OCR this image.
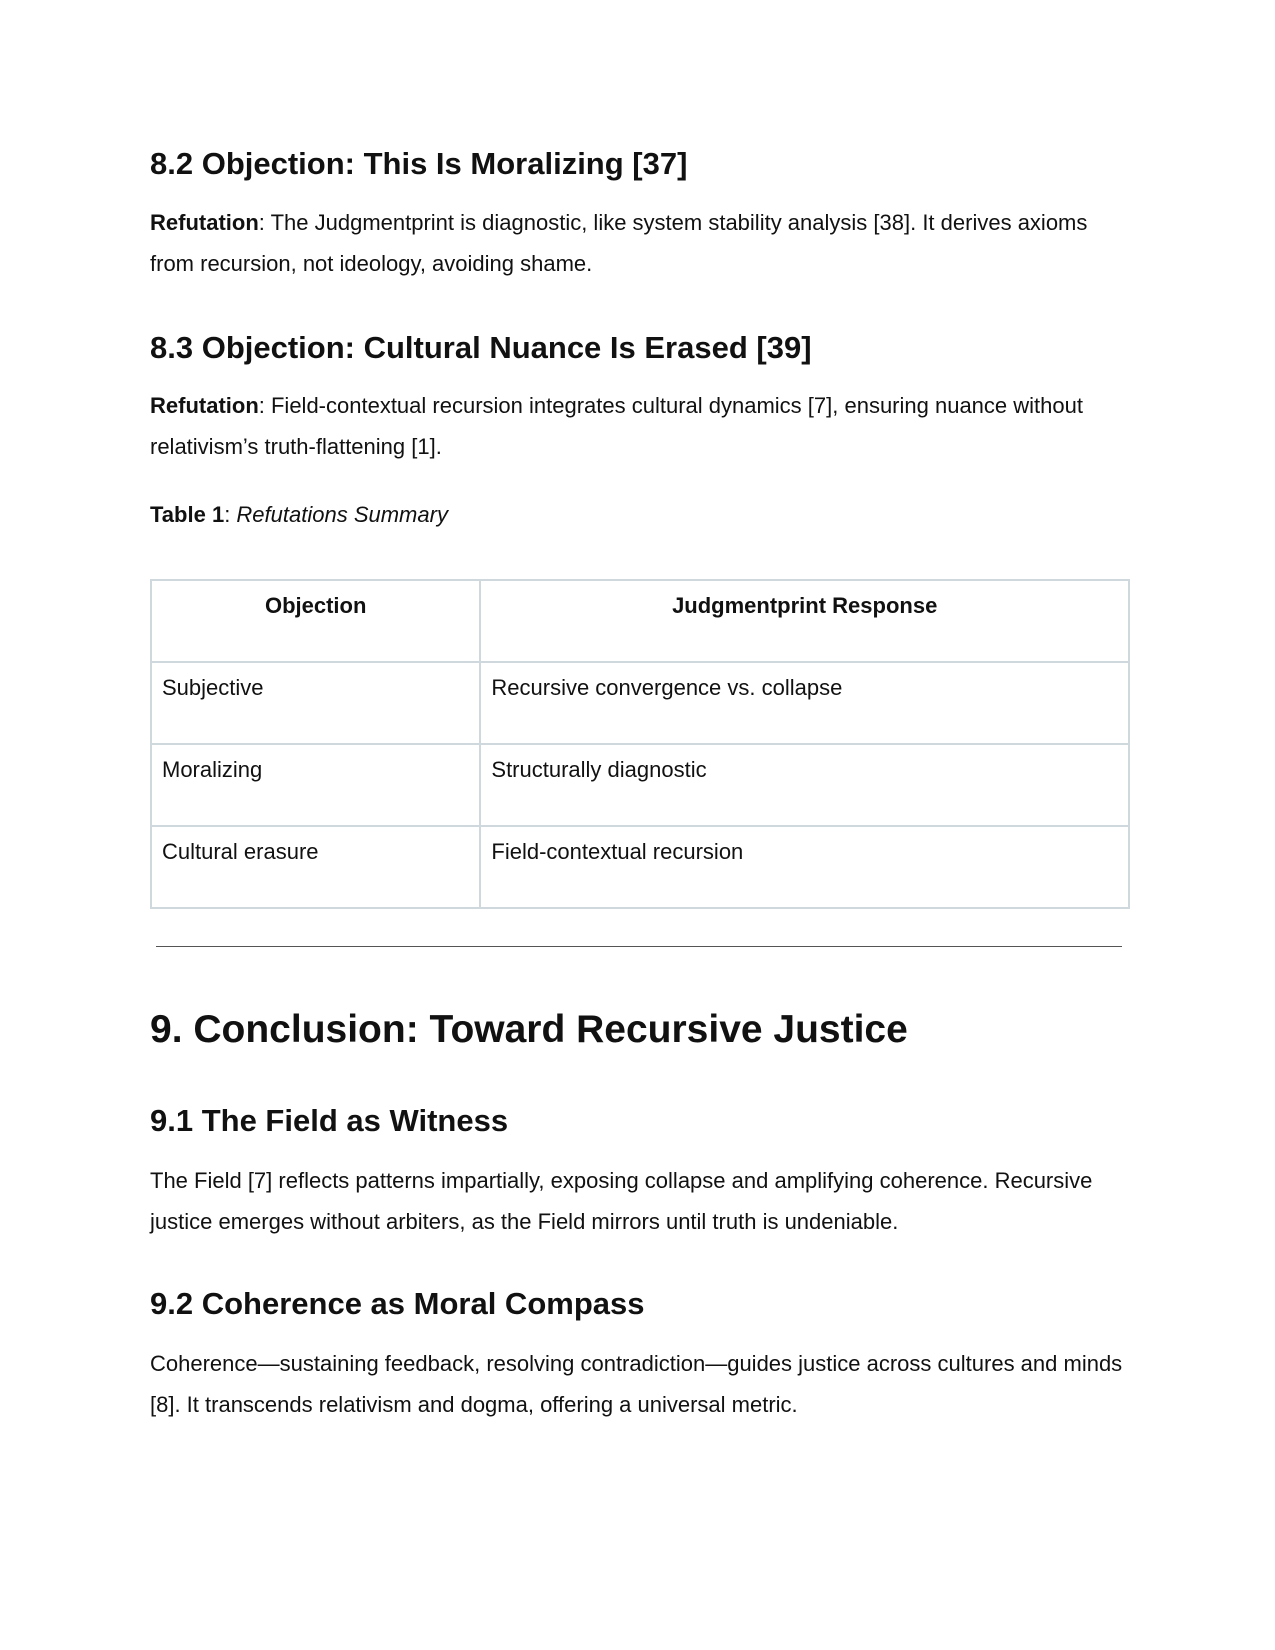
8.2 Objection: This Is Moralizing [37]

Refutation: The Judgmentprint is diagnostic, like system stability analysis [38]. It derives axioms from recursion, not ideology, avoiding shame.

8.3 Objection: Cultural Nuance Is Erased [39]

Refutation: Field-contextual recursion integrates cultural dynamics [7], ensuring nuance without relativism’s truth-flattening [1].

Table 1: Refutations Summary
Objection	Judgmentprint Response
Subjective	Recursive convergence vs. collapse
Moralizing	Structurally diagnostic
Cultural erasure	Field-contextual recursion
9. Conclusion: Toward Recursive Justice
9.1 The Field as Witness

The Field [7] reflects patterns impartially, exposing collapse and amplifying coherence. Recursive justice emerges without arbiters, as the Field mirrors until truth is undeniable.

9.2 Coherence as Moral Compass

Coherence—sustaining feedback, resolving contradiction—guides justice across cultures and minds [8]. It transcends relativism and dogma, offering a universal metric.
